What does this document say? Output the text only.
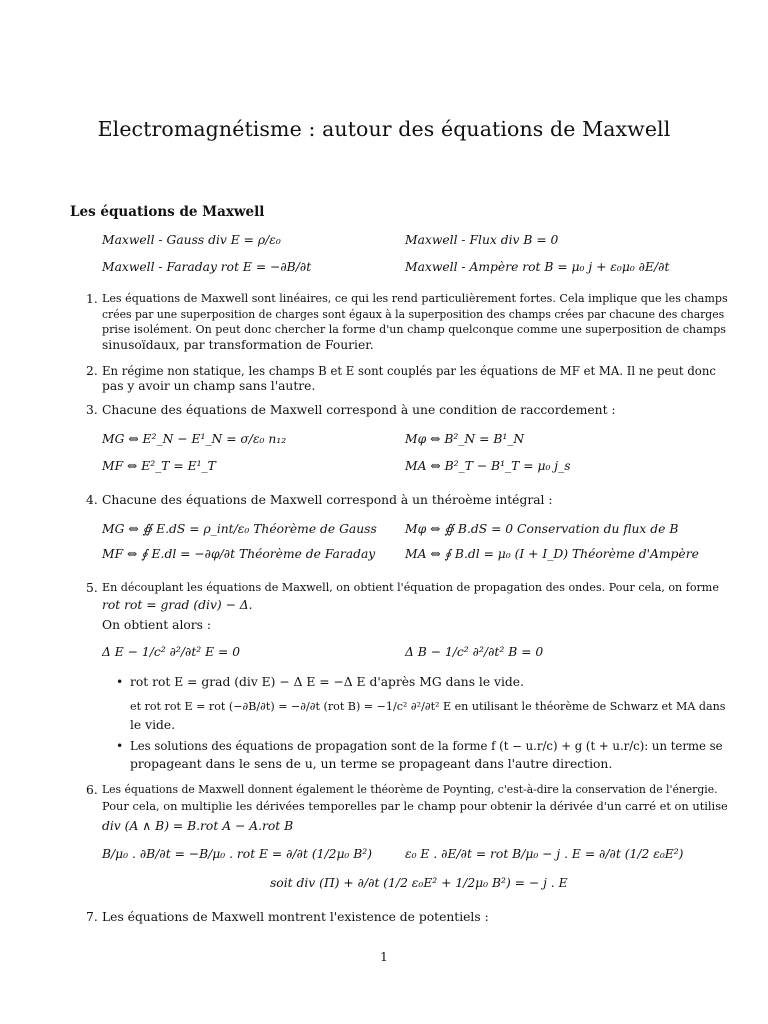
Electromagnétisme : autour des équations de Maxwell
Les équations de Maxwell
Maxwell - Gauss div E = ρ/ε₀	Maxwell - Flux div B = 0
Maxwell - Faraday rot E = −∂B/∂t	Maxwell - Ampère rot B = μ₀ j + ε₀μ₀ ∂E/∂t
1. Les équations de Maxwell sont linéaires, ce qui les rend particulièrement fortes. Cela implique que les champs
crées par une superposition de charges sont égaux à la superposition des champs crées par chacune des charges
prise isolément. On peut donc chercher la forme d'un champ quelconque comme une superposition de champs
sinusoïdaux, par transformation de Fourier.
2. En régime non statique, les champs B et E sont couplés par les équations de MF et MA. Il ne peut donc
pas y avoir un champ sans l'autre.
3. Chacune des équations de Maxwell correspond à une condition de raccordement :
MG ⇔ E²_N − E¹_N = σ/ε₀ n₁₂	Mφ ⇔ B²_N = B¹_N
MF ⇔ E²_T = E¹_T	MA ⇔ B²_T − B¹_T = μ₀ j_s
4. Chacune des équations de Maxwell correspond à un théroème intégral :
MG ⇔ ∯ E.dS = ρ_int/ε₀ Théorème de Gauss Mφ ⇔ ∯ B.dS = 0 Conservation du flux de B
MF ⇔ ∮ E.dl = −∂φ/∂t Théorème de Faraday MA ⇔ ∮ B.dl = μ₀ (I + I_D) Théorème d'Ampère
5. En découplant les équations de Maxwell, on obtient l'équation de propagation des ondes. Pour cela, on forme
rot rot = grad (div) − Δ.
On obtient alors :
Δ E − 1/c² ∂²/∂t² E = 0	Δ B − 1/c² ∂²/∂t² B = 0
• rot rot E = grad (div E) − Δ E = −Δ E d'après MG dans le vide.
et rot rot E = rot (−∂B/∂t) = −∂/∂t (rot B) = −1/c² ∂²/∂t² E en utilisant le théorème de Schwarz et MA dans
le vide.
• Les solutions des équations de propagation sont de la forme f (t − u.r/c) + g (t + u.r/c): un terme se
propageant dans le sens de u, un terme se propageant dans l'autre direction.
6. Les équations de Maxwell donnent également le théorème de Poynting, c'est-à-dire la conservation de l'énergie.
Pour cela, on multiplie les dérivées temporelles par le champ pour obtenir la dérivée d'un carré et on utilise
div (A ∧ B) = B.rot A − A.rot B
B/μ₀ . ∂B/∂t = −B/μ₀ . rot E = ∂/∂t (1/2μ₀ B²)	ε₀ E . ∂E/∂t = rot B/μ₀ − j . E = ∂/∂t (1/2 ε₀E²)
soit div (Π) + ∂/∂t (1/2 ε₀E² + 1/2μ₀ B²) = − j . E
7. Les équations de Maxwell montrent l'existence de potentiels :
1
